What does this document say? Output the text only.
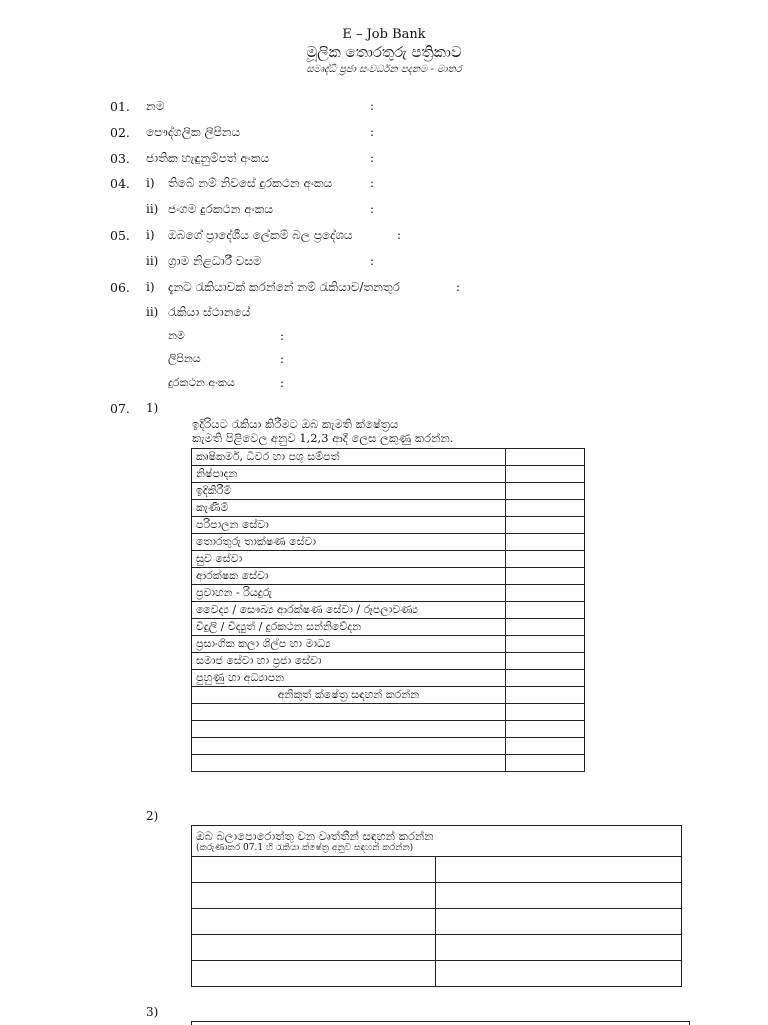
E – Job Bank
මූලික තොරතුරු පත්‍රිකාව
සමෘද්ධි ප්‍රජා සංවර්ධන පදනම - මාතර
01. නම	:
02. පෞද්ගලික ලිපිනය	:
03. ජාතික හැඳුනුම්පත් අංකය	:
04. i) තිබේ නම් නිවසේ දුරකථන අංකය	:
ii) ජංගම දුරකථන අංකය	:
05. i) ඔබගේ ප්‍රාදේශීය ලේකම් බල ප්‍රදේශය	:
ii) ග්‍රාම නිළධාරී වසම	:
06. i) දැනට රැකියාවක් කරන්නේ නම් රැකියාව/තනතුර	:
ii) රැකියා ස්ථානයේ
නම	:
ලිපිනය	:
දුරකථන අංකය	:
07. 1)
ඉදිරියට රැකියා කිරීමට ඔබ කැමති ක්ෂේත්‍රය
කැමති පිළිවෙල අනුව 1,2,3 ආදී ලෙස ලකුණු කරන්න.
කෘෂිකර්ම, ධීවර හා පශු සම්පත්	
නිෂ්පාදන	
ඉදිකිරීම්	
කැණීම්	
පරිපාලන සේවා	
තොරතුරු තාක්ෂණ සේවා	
සුව සේවා	
ආරක්ෂක සේවා	
ප්‍රවාහන - රියදුරු	
වෛද්‍ය / සෞඛ්‍ය ආරක්ෂණ සේවා / රූපලාවණ්‍ය	
විදුලි / විද්‍යුත් / දුරකථන සන්නිවේදන	
ප්‍රසාංගික කලා ශිල්ප හා මාධ්‍ය	
සමාජ සේවා හා ප්‍රජා සේවා	
පුහුණු හා අධ්‍යාපන	
අනිකුත් ක්ෂේත්‍ර සඳහන් කරන්න	

2)
ඔබ බලාපොරොත්තු වන වෘත්තීන් සඳහන් කරන්න
(කරුණාකර 07.1 හි රැකියා ක්ෂේත්‍ර අනුව සඳහන් කරන්න)	

3)
